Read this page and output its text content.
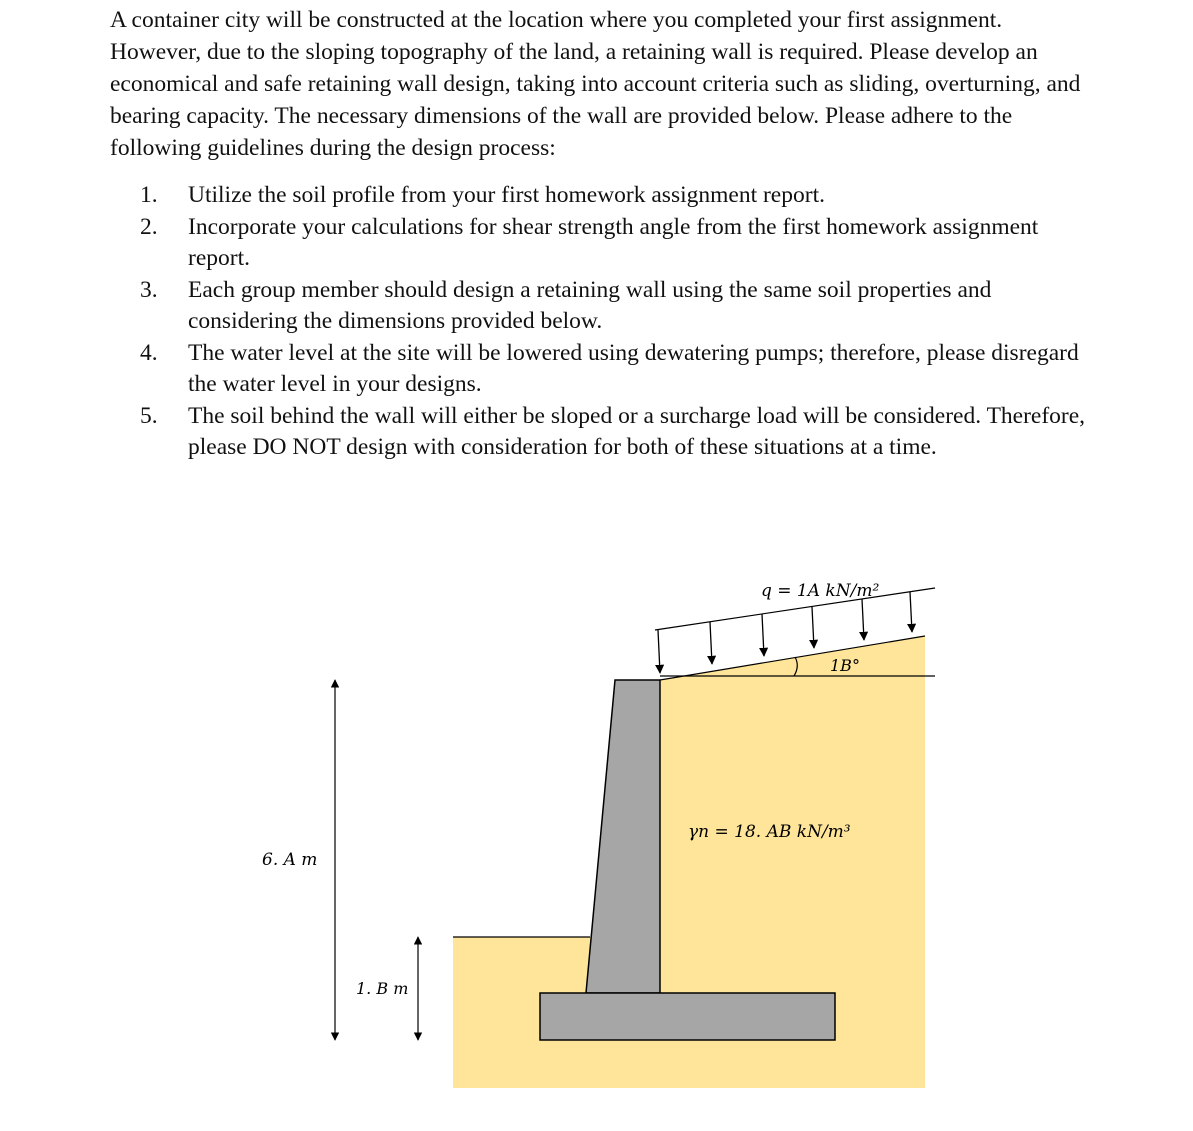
A container city will be constructed at the location where you completed your first assignment. However, due to the sloping topography of the land, a retaining wall is required. Please develop an economical and safe retaining wall design, taking into account criteria such as sliding, overturning, and bearing capacity. The necessary dimensions of the wall are provided below. Please adhere to the following guidelines during the design process:

1.	Utilize the soil profile from your first homework assignment report.
2.	Incorporate your calculations for shear strength angle from the first homework assignment report.
3.	Each group member should design a retaining wall using the same soil properties and considering the dimensions provided below.
4.	The water level at the site will be lowered using dewatering pumps; therefore, please disregard the water level in your designs.
5.	The soil behind the wall will either be sloped or a surcharge load will be considered. Therefore, please DO NOT design with consideration for both of these situations at a time.
q = 1A kN/m²
1B°
γn = 18. AB kN/m³
6. A m
1. B m
